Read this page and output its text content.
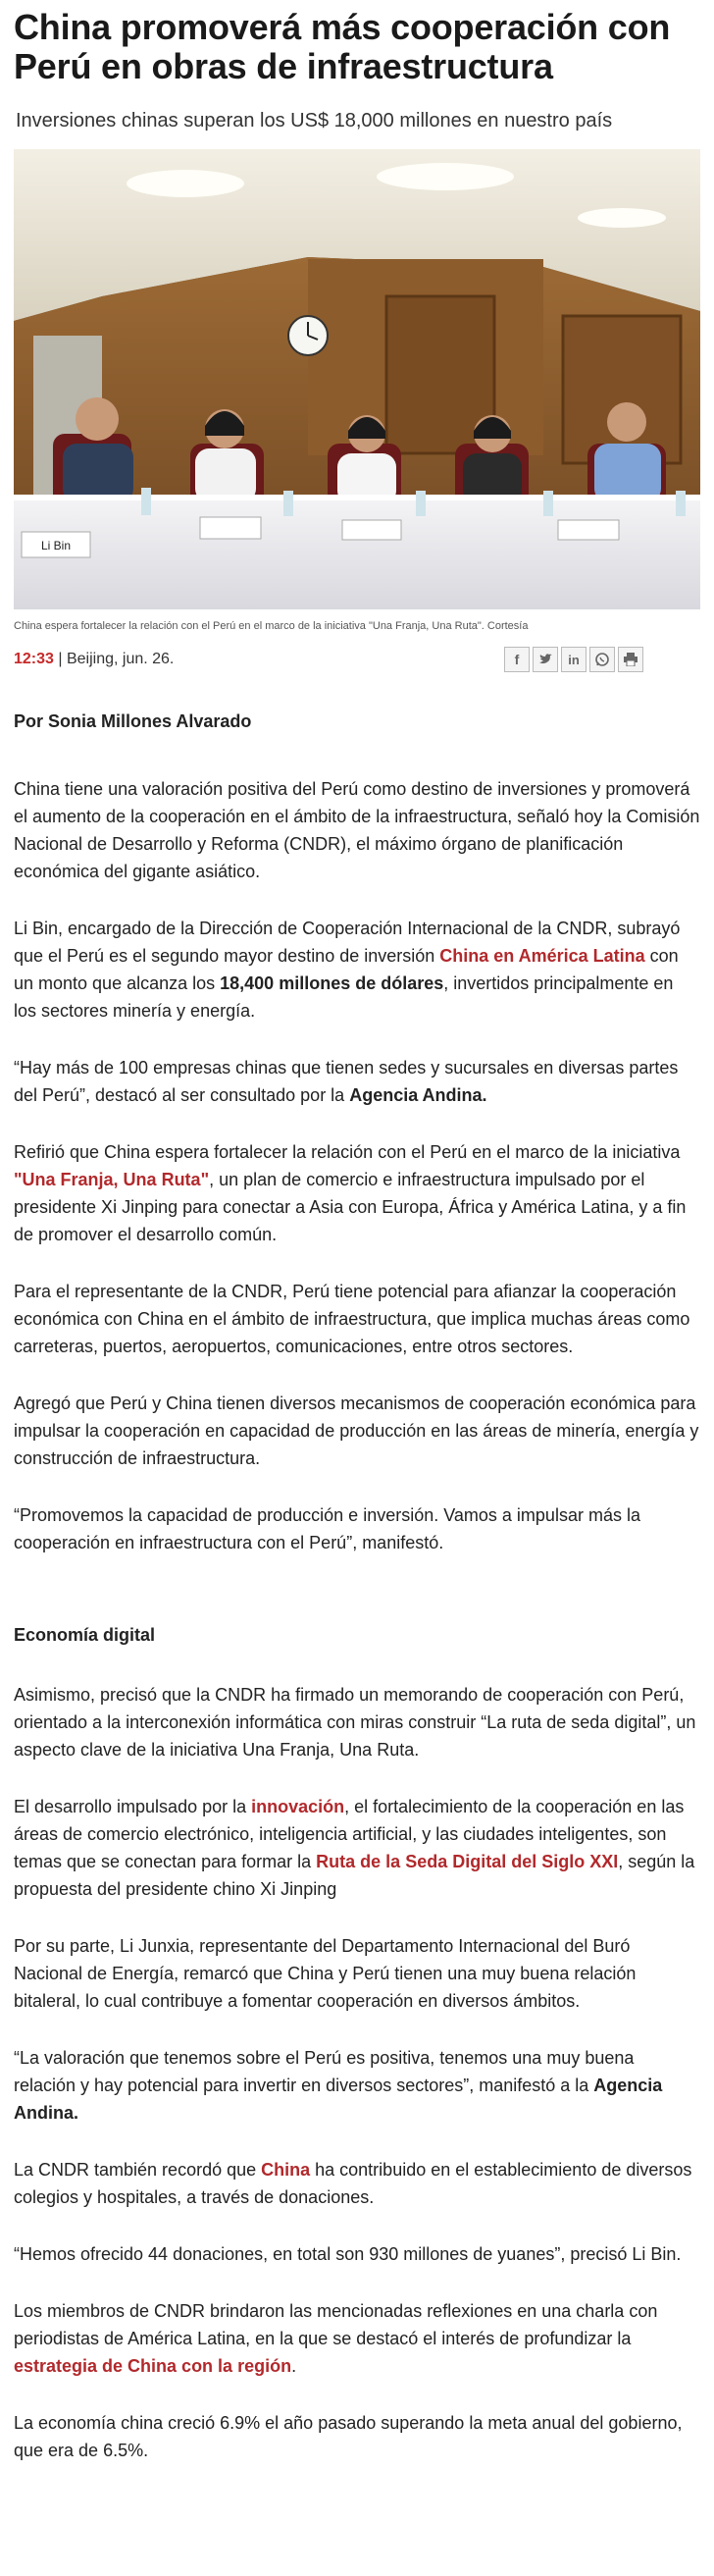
China promoverá más cooperación con Perú en obras de infraestructura
Inversiones chinas superan los US$ 18,000 millones en nuestro país
Li Bin
China espera fortalecer la relación con el Perú en el marco de la iniciativa "Una Franja, Una Ruta". Cortesía
12:33 | Beijing, jun. 26.	f	in
Por Sonia Millones Alvarado

China tiene una valoración positiva del Perú como destino de inversiones y promoverá el aumento de la cooperación en el ámbito de la infraestructura, señaló hoy la Comisión Nacional de Desarrollo y Reforma (CNDR), el máximo órgano de planificación económica del gigante asiático.

Li Bin, encargado de la Dirección de Cooperación Internacional de la CNDR, subrayó que el Perú es el segundo mayor destino de inversión China en América Latina con un monto que alcanza los 18,400 millones de dólares, invertidos principalmente en los sectores minería y energía.

“Hay más de 100 empresas chinas que tienen sedes y sucursales en diversas partes del Perú”, destacó al ser consultado por la Agencia Andina.

Refirió que China espera fortalecer la relación con el Perú en el marco de la iniciativa "Una Franja, Una Ruta", un plan de comercio e infraestructura impulsado por el presidente Xi Jinping para conectar a Asia con Europa, África y América Latina, y a fin de promover el desarrollo común.

Para el representante de la CNDR, Perú tiene potencial para afianzar la cooperación económica con China en el ámbito de infraestructura, que implica muchas áreas como carreteras, puertos, aeropuertos, comunicaciones, entre otros sectores.

Agregó que Perú y China tienen diversos mecanismos de cooperación económica para impulsar la cooperación en capacidad de producción en las áreas de minería, energía y construcción de infraestructura.

“Promovemos la capacidad de producción e inversión. Vamos a impulsar más la cooperación en infraestructura con el Perú”, manifestó.

Economía digital

Asimismo, precisó que la CNDR ha firmado un memorando de cooperación con Perú, orientado a la interconexión informática con miras construir “La ruta de seda digital”, un aspecto clave de la iniciativa Una Franja, Una Ruta.

El desarrollo impulsado por la innovación, el fortalecimiento de la cooperación en las áreas de comercio electrónico, inteligencia artificial, y las ciudades inteligentes, son temas que se conectan para formar la Ruta de la Seda Digital del Siglo XXI, según la propuesta del presidente chino Xi Jinping

Por su parte, Li Junxia, representante del Departamento Internacional del Buró Nacional de Energía, remarcó que China y Perú tienen una muy buena relación bitaleral, lo cual contribuye a fomentar cooperación en diversos ámbitos.

“La valoración que tenemos sobre el Perú es positiva, tenemos una muy buena relación y hay potencial para invertir en diversos sectores”, manifestó a la Agencia Andina.

La CNDR también recordó que China ha contribuido en el establecimiento de diversos colegios y hospitales, a través de donaciones.

“Hemos ofrecido 44 donaciones, en total son 930 millones de yuanes”, precisó Li Bin.

Los miembros de CNDR brindaron las mencionadas reflexiones en una charla con periodistas de América Latina, en la que se destacó el interés de profundizar la estrategia de China con la región.

La economía china creció 6.9% el año pasado superando la meta anual del gobierno, que era de 6.5%.
